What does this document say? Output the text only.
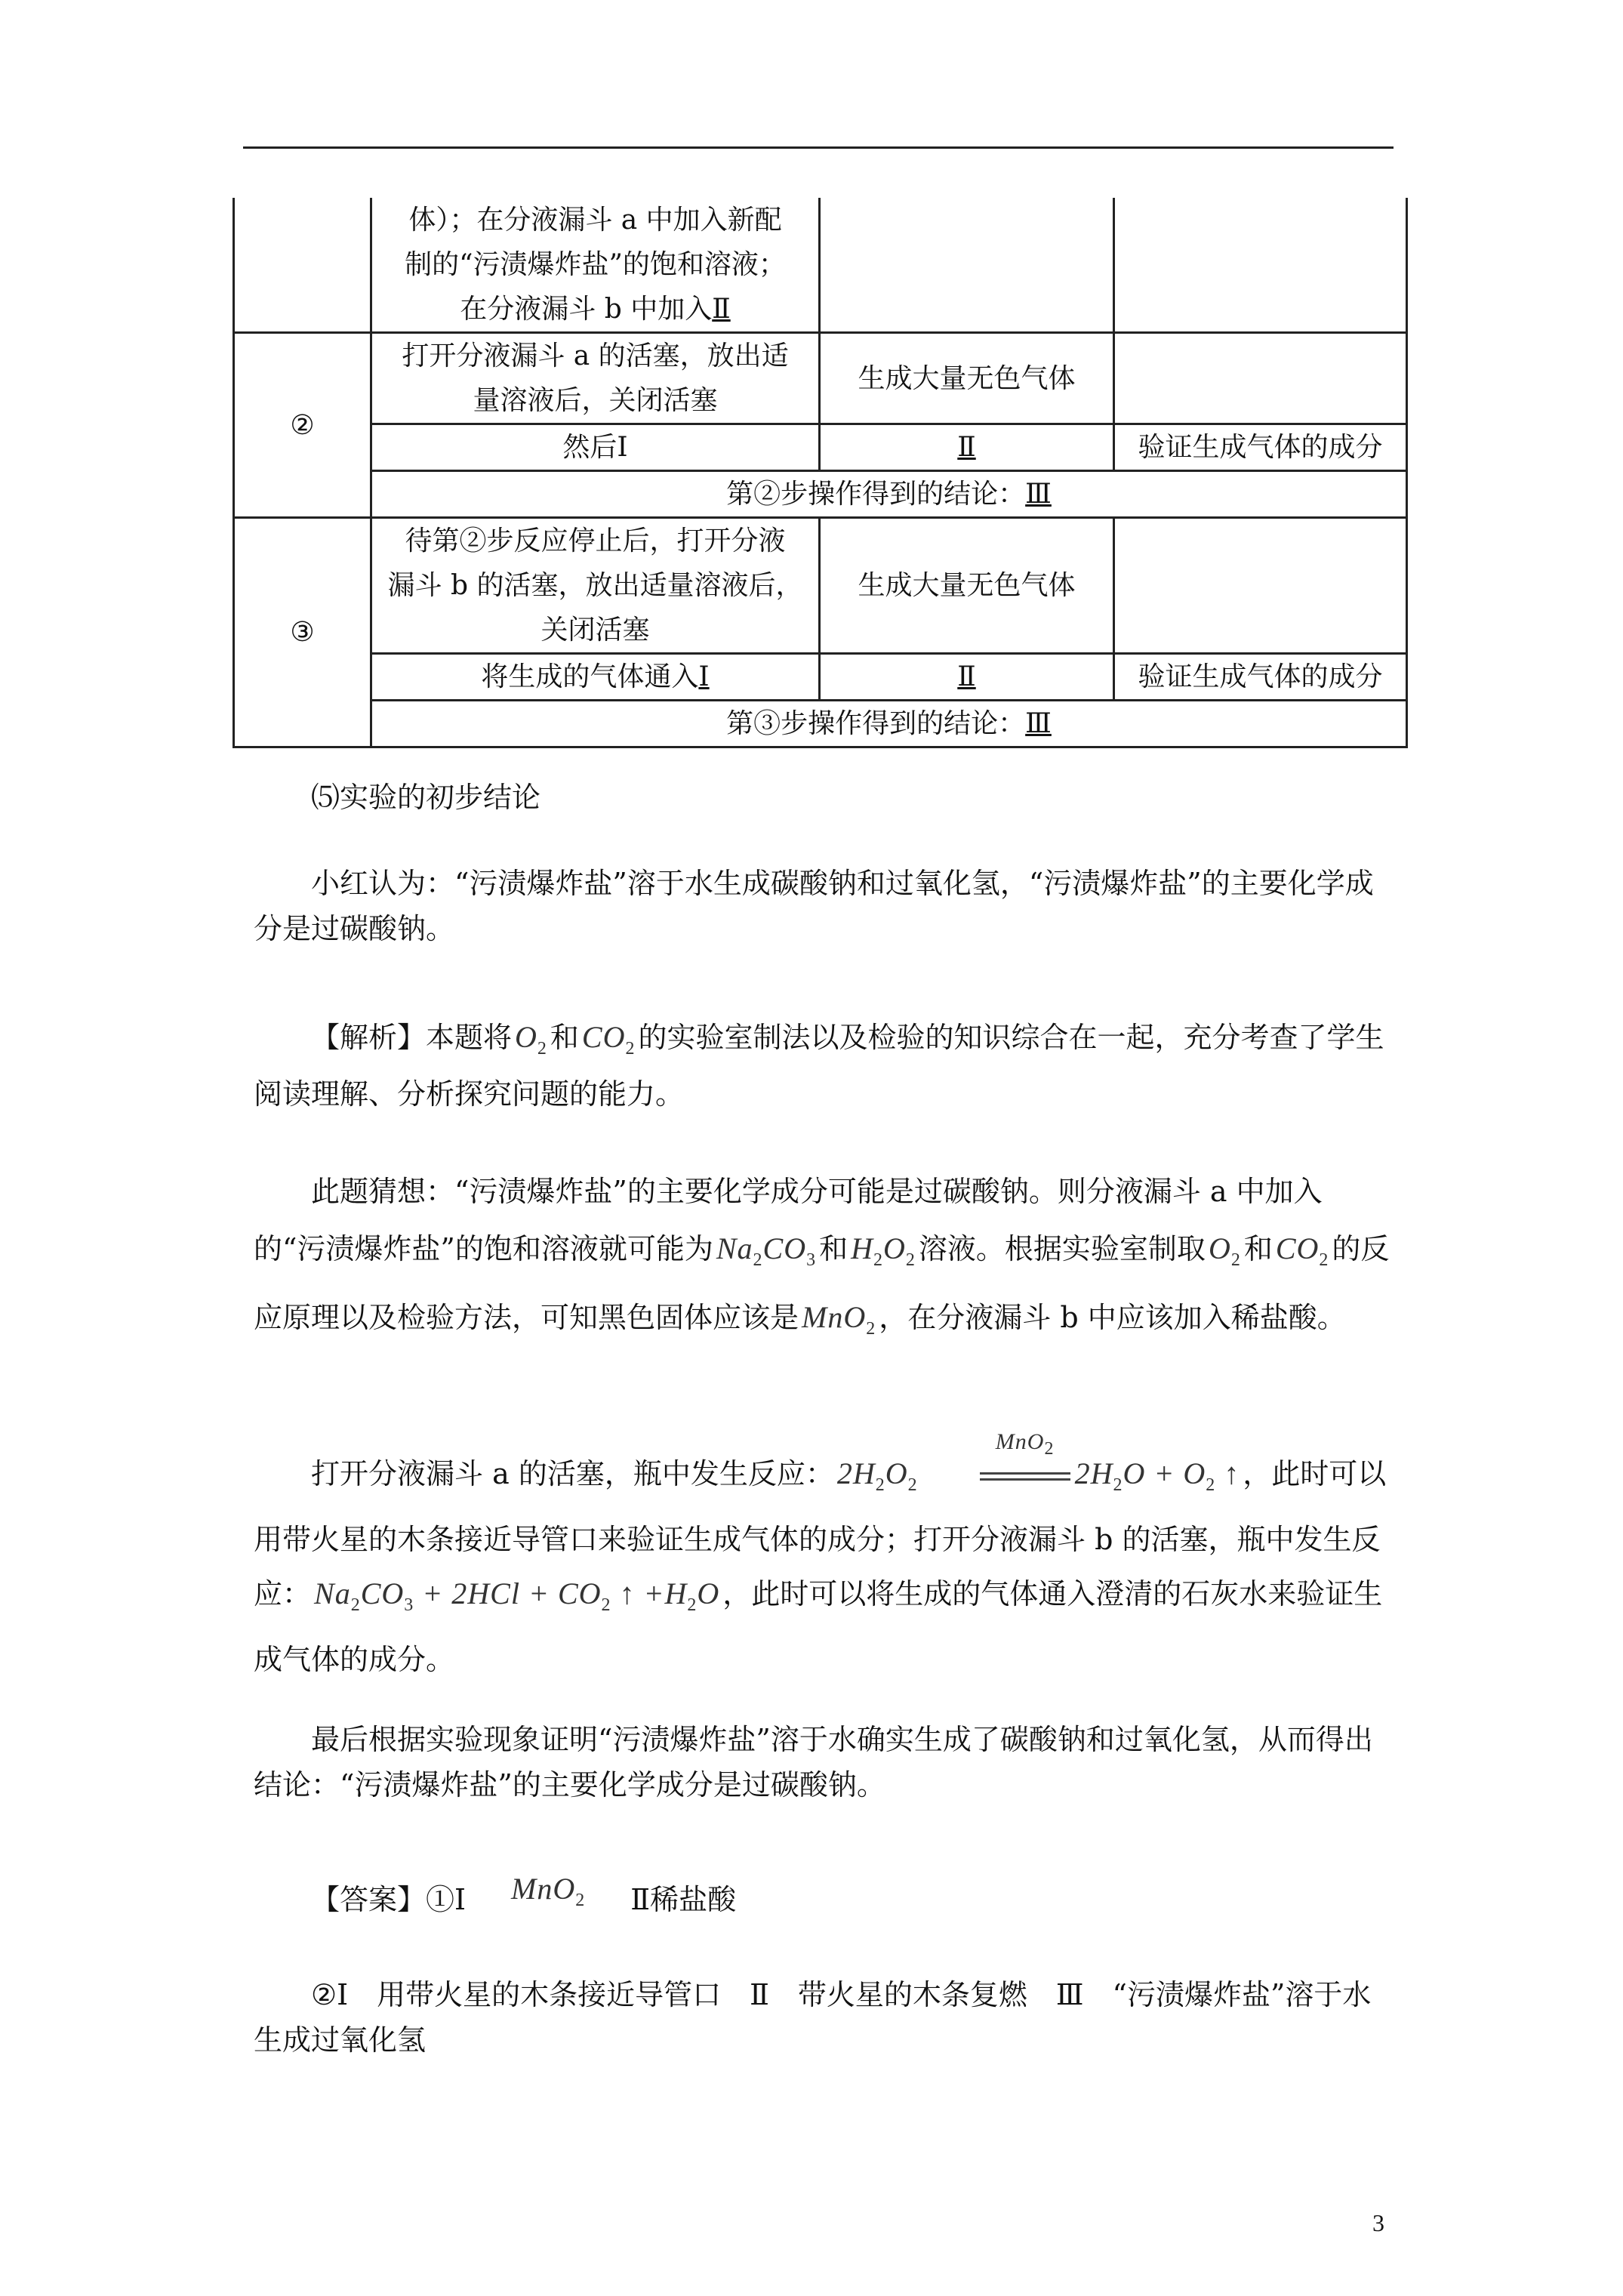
	体）；在分液漏斗 a 中加入新配
制的“污渍爆炸盐”的饱和溶液；
在分液漏斗 b 中加入Ⅱ		

②	打开分液漏斗 a 的活塞，放出适
量溶液后，关闭活塞	生成大量无色气体	
	然后Ⅰ	Ⅱ	验证生成气体的成分
	第②步操作得到的结论：Ⅲ		
③	待第②步反应停止后，打开分液
漏斗 b 的活塞，放出适量溶液后，
关闭活塞	生成大量无色气体	
	将生成的气体通入Ⅰ	Ⅱ	验证生成气体的成分
	第③步操作得到的结论：Ⅲ		
⑸实验的初步结论
小红认为：“污渍爆炸盐”溶于水生成碳酸钠和过氧化氢，“污渍爆炸盐”的主要化学成分是过碳酸钠。
【解析】本题将 $O_2$ 和 $CO_2$ 的实验室制法以及检验的知识综合在一起，充分考查了学生阅读理解、分析探究问题的能力。
此题猜想：“污渍爆炸盐”的主要化学成分可能是过碳酸钠。则分液漏斗 a 中加入的“污渍爆炸盐”的饱和溶液就可能为 $Na_2CO_3$ 和 $H_2O_2$ 溶液。根据实验室制取 $O_2$ 和 $CO_2$ 的反应原理以及检验方法，可知黑色固体应该是 MnO$_2$ ，在分液漏斗 b 中应该加入稀盐酸。
打开分液漏斗 a 的活塞，瓶中发生反应： $2H_2O_2$
MnO$_2$
$2H_2O + O_2$ ↑ ，此时可以用带火星的木条接近导管口来验证生成气体的成分；打开分液漏斗 b 的活塞，瓶中发生反应： $Na_2CO_3 + 2HCl + CO_2$ ↑ $+H_2O$ ，此时可以将生成的气体通入澄清的石灰水来验证生成气体的成分。
最后根据实验现象证明“污渍爆炸盐”溶于水确实生成了碳酸钠和过氧化氢，从而得出结论：“污渍爆炸盐”的主要化学成分是过碳酸钠。
【答案】①Ⅰ MnO$_2$ Ⅱ稀盐酸
②Ⅰ　用带火星的木条接近导管口　Ⅱ　带火星的木条复燃　Ⅲ　“污渍爆炸盐”溶于水生成过氧化氢
3
